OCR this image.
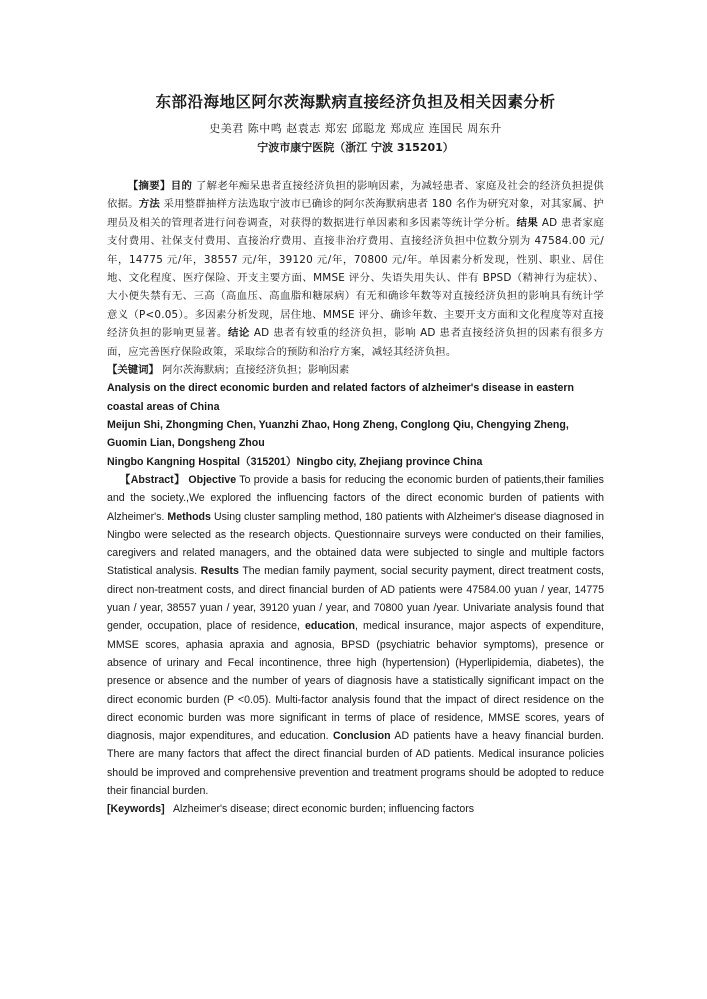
东部沿海地区阿尔茨海默病直接经济负担及相关因素分析

史美君 陈中鸣 赵袁志 郑宏 邱聪龙 郑成应 连国民 周东升

宁波市康宁医院（浙江 宁波 315201）

【摘要】目的 了解老年痴呆患者直接经济负担的影响因素，为减轻患者、家庭及社会的经济负担提供依据。方法 采用整群抽样方法选取宁波市已确诊的阿尔茨海默病患者 180 名作为研究对象，对其家属、护理员及相关的管理者进行问卷调查，对获得的数据进行单因素和多因素等统计学分析。结果 AD 患者家庭支付费用、社保支付费用、直接治疗费用、直接非治疗费用、直接经济负担中位数分别为 47584.00 元/年，14775 元/年，38557 元/年，39120 元/年，70800 元/年。单因素分析发现，性别、职业、居住地、文化程度、医疗保险、开支主要方面、MMSE 评分、失语失用失认、伴有 BPSD（精神行为症状）、 大小便失禁有无、三高（高血压、高血脂和糖尿病）有无和确诊年数等对直接经济负担的影响具有统计学意义（P<0.05）。多因素分析发现，居住地、MMSE 评分、确诊年数、主要开支方面和文化程度等对直接经济负担的影响更显著。结论 AD 患者有较重的经济负担，影响 AD 患者直接经济负担的因素有很多方面，应完善医疗保险政策，采取综合的预防和治疗方案，减轻其经济负担。

【关键词】 阿尔茨海默病；直接经济负担；影响因素

Analysis on the direct economic burden and related factors of alzheimer's disease in eastern coastal areas of China

Meijun Shi, Zhongming Chen, Yuanzhi Zhao, Hong Zheng, Conglong Qiu, Chengying Zheng, Guomin Lian, Dongsheng Zhou

Ningbo Kangning Hospital（315201）Ningbo city, Zhejiang province China

【Abstract】 Objective To provide a basis for reducing the economic burden of patients,their families and the society.,We explored the influencing factors of the direct economic burden of patients with Alzheimer's. Methods Using cluster sampling method, 180 patients with Alzheimer's disease diagnosed in Ningbo were selected as the research objects. Questionnaire surveys were conducted on their families, caregivers and related managers, and the obtained data were subjected to single and multiple factors Statistical analysis. Results The median family payment, social security payment, direct treatment costs, direct non-treatment costs, and direct financial burden of AD patients were 47584.00 yuan / year, 14775 yuan / year, 38557 yuan / year, 39120 yuan / year, and 70800 yuan /year. Univariate analysis found that gender, occupation, place of residence, education, medical insurance, major aspects of expenditure, MMSE scores, aphasia apraxia and agnosia, BPSD (psychiatric behavior symptoms), presence or absence of urinary and Fecal incontinence, three high (hypertension) (Hyperlipidemia, diabetes), the presence or absence and the number of years of diagnosis have a statistically significant impact on the direct economic burden (P <0.05). Multi-factor analysis found that the impact of direct residence on the direct economic burden was more significant in terms of place of residence, MMSE scores, years of diagnosis, major expenditures, and education. Conclusion AD patients have a heavy financial burden. There are many factors that affect the direct financial burden of AD patients. Medical insurance policies should be improved and comprehensive prevention and treatment programs should be adopted to reduce their financial burden.

[Keywords] Alzheimer's disease; direct economic burden; influencing factors
